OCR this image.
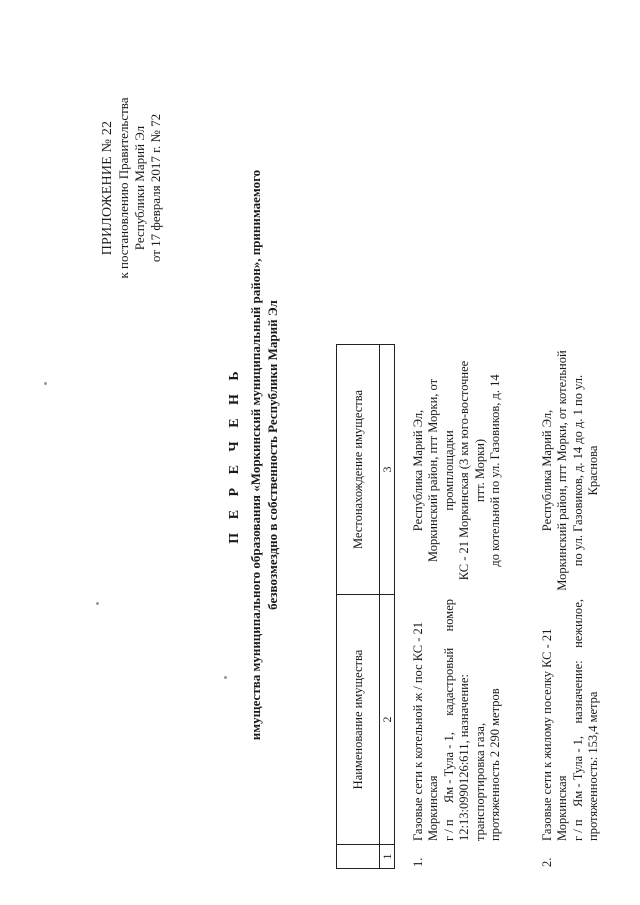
ПРИЛОЖЕНИЕ № 22 к постановлению Правительства Республики Марий Эл от 17 февраля 2017 г. № 72
П Е Р Е Ч Е Н Ь имущества муниципального образования «Моркинский муниципальный район», принимаемого безвозмездно в собственность Республики Марий Эл
Наименование имущества
Местонахождение имущества
1
2
3
1.
Газовые сети к котельной ж / пос КС - 21 Моркинская г / п
Ям - Тула - 1,
кадастровый
номер
12:13:0990126:611, назначение: транспортировка газа, протяженность 2 290 метров
Республика Марий Эл, Моркинский район, птт Морки, от промплощадки КС - 21 Моркинская (3 км юго-восточнее птт. Морки) до котельной по ул. Газовиков, д. 14
2.
Газовые сети к жилому поселку КС - 21 Моркинская г / п
Ям - Тула - 1,
назначение:
нежилое,
протяженность: 153,4 метра
Республика Марий Эл, Моркинский район, птт Морки, от котельной по ул. Газовиков, д. 14 до д. 1 по ул. Краснова
